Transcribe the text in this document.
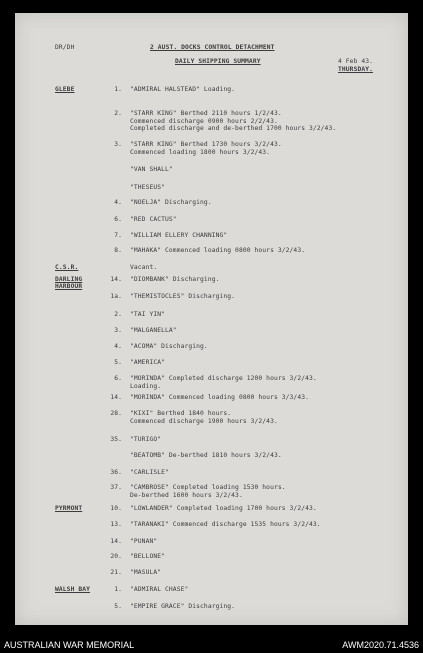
DR/DH	2 AUST. DOCKS CONTROL DETACHMENT
DAILY SHIPPING SUMMARY	4 Feb 43.
THURSDAY.
GLEBE	1. "ADMIRAL HALSTEAD" Loading.
2. "STARR KING" Berthed 2110 hours 1/2/43.
Commenced discharge 0900 hours 2/2/43.
Completed discharge and de-berthed 1700 hours 3/2/43.
3. "STARR KING" Berthed 1730 hours 3/2/43.
Commenced loading 1800 hours 3/2/43.
"VAN SHALL"
"THESEUS"
4. "NOELJA" Discharging.
6. "RED CACTUS"
7. "WILLIAM ELLERY CHANNING"
8. "MAHAKA" Commenced loading 0800 hours 3/2/43.
C.S.R.	Vacant.
DARLING
HARBOUR
14. "DIOMBANK" Discharging.
1a. "THEMISTOCLES" Discharging.
2. "TAI YIN"
3. "MALGANELLA"
4. "ACOMA" Discharging.
5. "AMERICA"
6. "MORINDA" Completed discharge 1200 hours 3/2/43.
Loading.
14. "MORINDA" Commenced loading 0800 hours 3/3/43.
28. "KIXI" Berthed 1840 hours.
Commenced discharge 1900 hours 3/2/43.
35. "TURIGO"
"BEATOMB" De-berthed 1810 hours 3/2/43.
36. "CARLISLE"
37. "CAMBROSE" Completed loading 1530 hours.
De-berthed 1600 hours 3/2/43.
PYRMONT	10. "LOWLANDER" Completed loading 1700 hours 3/2/43.
13. "TARANAKI" Commenced discharge 1535 hours 3/2/43.
14. "PUNAN"
20. "BELLONE"
21. "MASULA"
WALSH BAY	1. "ADMIRAL CHASE"
5. "EMPIRE GRACE" Discharging.
AUSTRALIAN WAR MEMORIAL	AWM2020.71.4536
